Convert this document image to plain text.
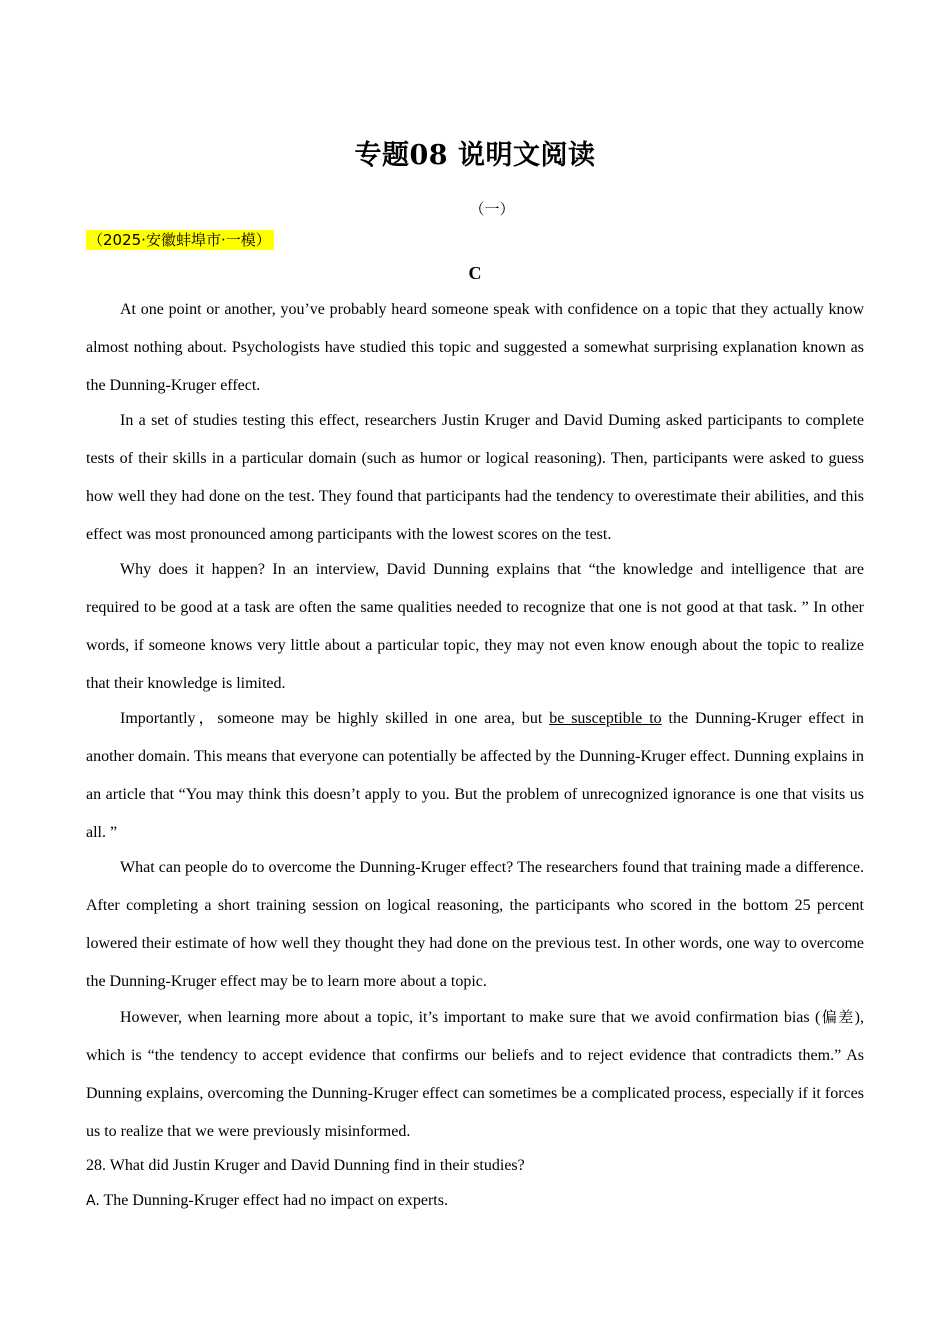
专题08 说明文阅读
（一）
（2025·安徽蚌埠市·一模）
C

At one point or another, you’ve probably heard someone speak with confidence on a topic that they actually know almost nothing about. Psychologists have studied this topic and suggested a somewhat surprising explanation known as the Dunning-Kruger effect.

In a set of studies testing this effect, researchers Justin Kruger and David Duming asked participants to complete tests of their skills in a particular domain (such as humor or logical reasoning). Then, participants were asked to guess how well they had done on the test. They found that participants had the tendency to overestimate their abilities, and this effect was most pronounced among participants with the lowest scores on the test.

Why does it happen? In an interview, David Dunning explains that “the knowledge and intelligence that are required to be good at a task are often the same qualities needed to recognize that one is not good at that task. ” In other words, if someone knows very little about a particular topic, they may not even know enough about the topic to realize that their knowledge is limited.

Importantly，someone may be highly skilled in one area, but be susceptible to the Dunning-Kruger effect in another domain. This means that everyone can potentially be affected by the Dunning-Kruger effect. Dunning explains in an article that “You may think this doesn’t apply to you. But the problem of unrecognized ignorance is one that visits us all. ”

What can people do to overcome the Dunning-Kruger effect? The researchers found that training made a difference. After completing a short training session on logical reasoning, the participants who scored in the bottom 25 percent lowered their estimate of how well they thought they had done on the previous test. In other words, one way to overcome the Dunning-Kruger effect may be to learn more about a topic.

However, when learning more about a topic, it’s important to make sure that we avoid confirmation bias (偏差), which is “the tendency to accept evidence that confirms our beliefs and to reject evidence that contradicts them.” As Dunning explains, overcoming the Dunning-Kruger effect can sometimes be a complicated process, especially if it forces us to realize that we were previously misinformed.

28. What did Justin Kruger and David Dunning find in their studies?

A. The Dunning-Kruger effect had no impact on experts.
